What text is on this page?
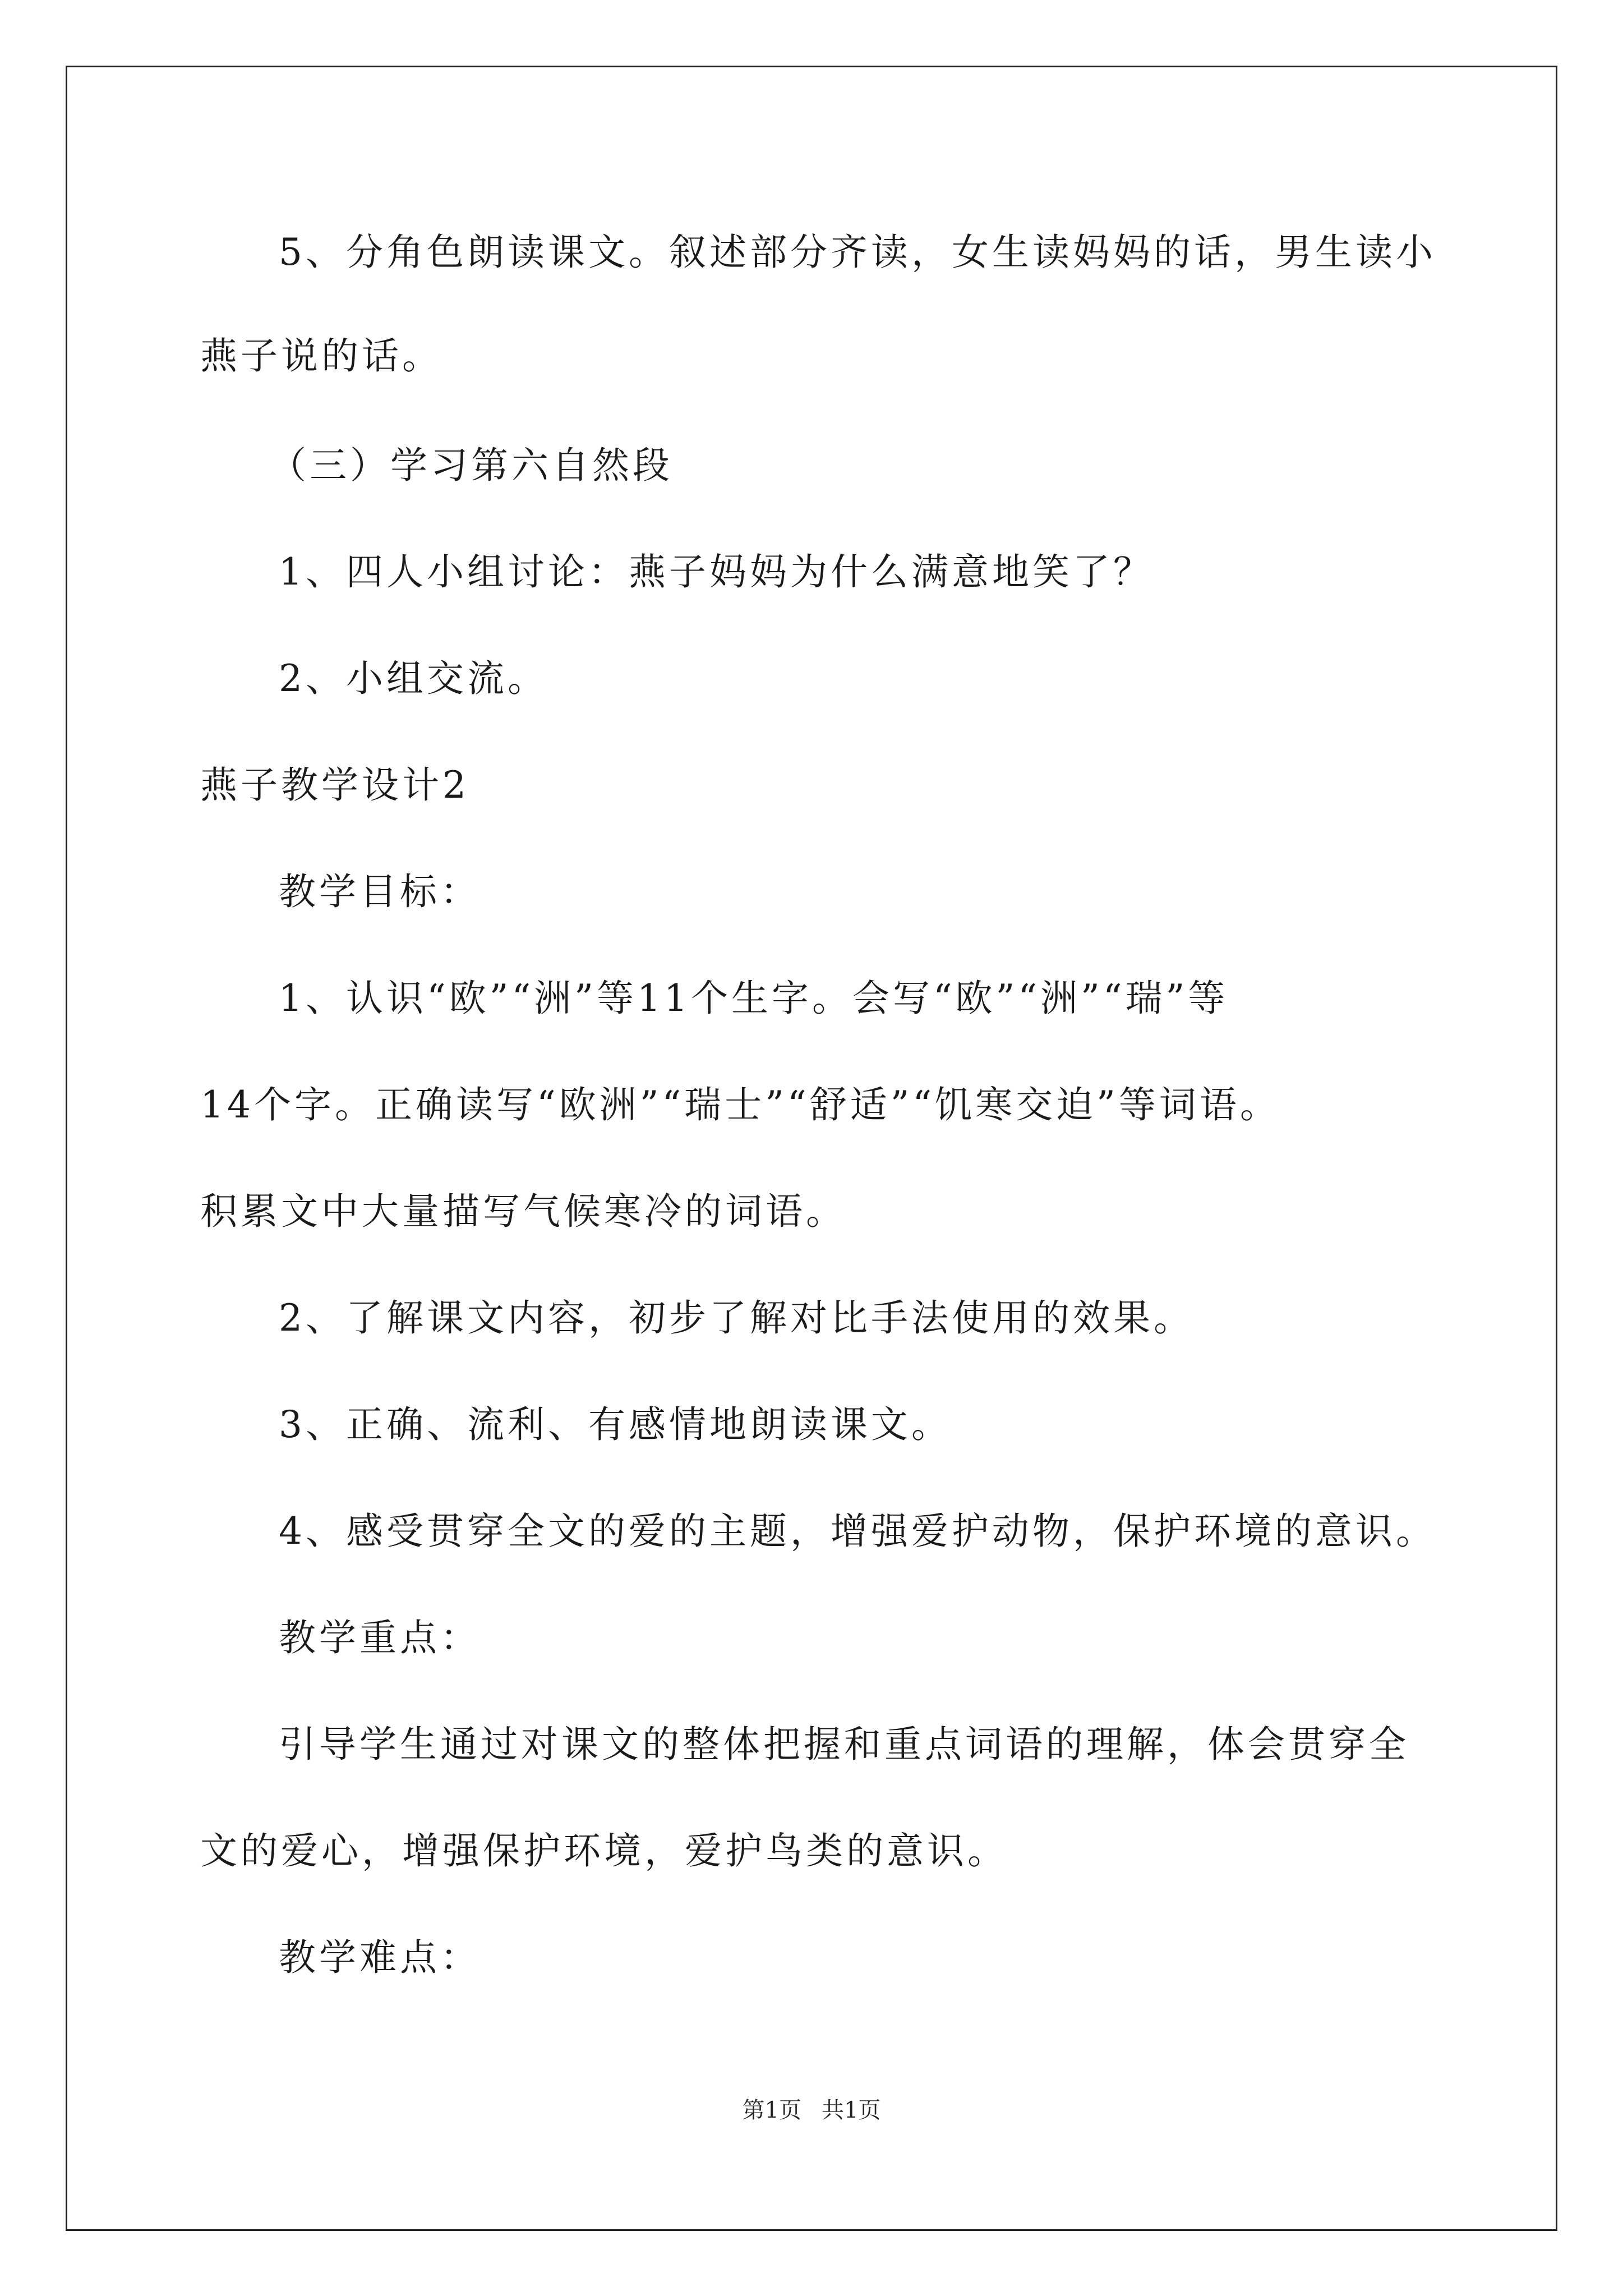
5、分角色朗读课文。叙述部分齐读，女生读妈妈的话，男生读小
燕子说的话。
（三）学习第六自然段
1、四人小组讨论：燕子妈妈为什么满意地笑了？
2、小组交流。
燕子教学设计2
教学目标：
1、认识“欧”“洲”等11个生字。会写“欧”“洲”“瑞”等
14个字。正确读写“欧洲”“瑞士”“舒适”“饥寒交迫”等词语。
积累文中大量描写气候寒冷的词语。
2、了解课文内容，初步了解对比手法使用的效果。
3、正确、流利、有感情地朗读课文。
4、感受贯穿全文的爱的主题，增强爱护动物，保护环境的意识。
教学重点：
引导学生通过对课文的整体把握和重点词语的理解，体会贯穿全
文的爱心，增强保护环境，爱护鸟类的意识。
教学难点：
第1页 共1页
